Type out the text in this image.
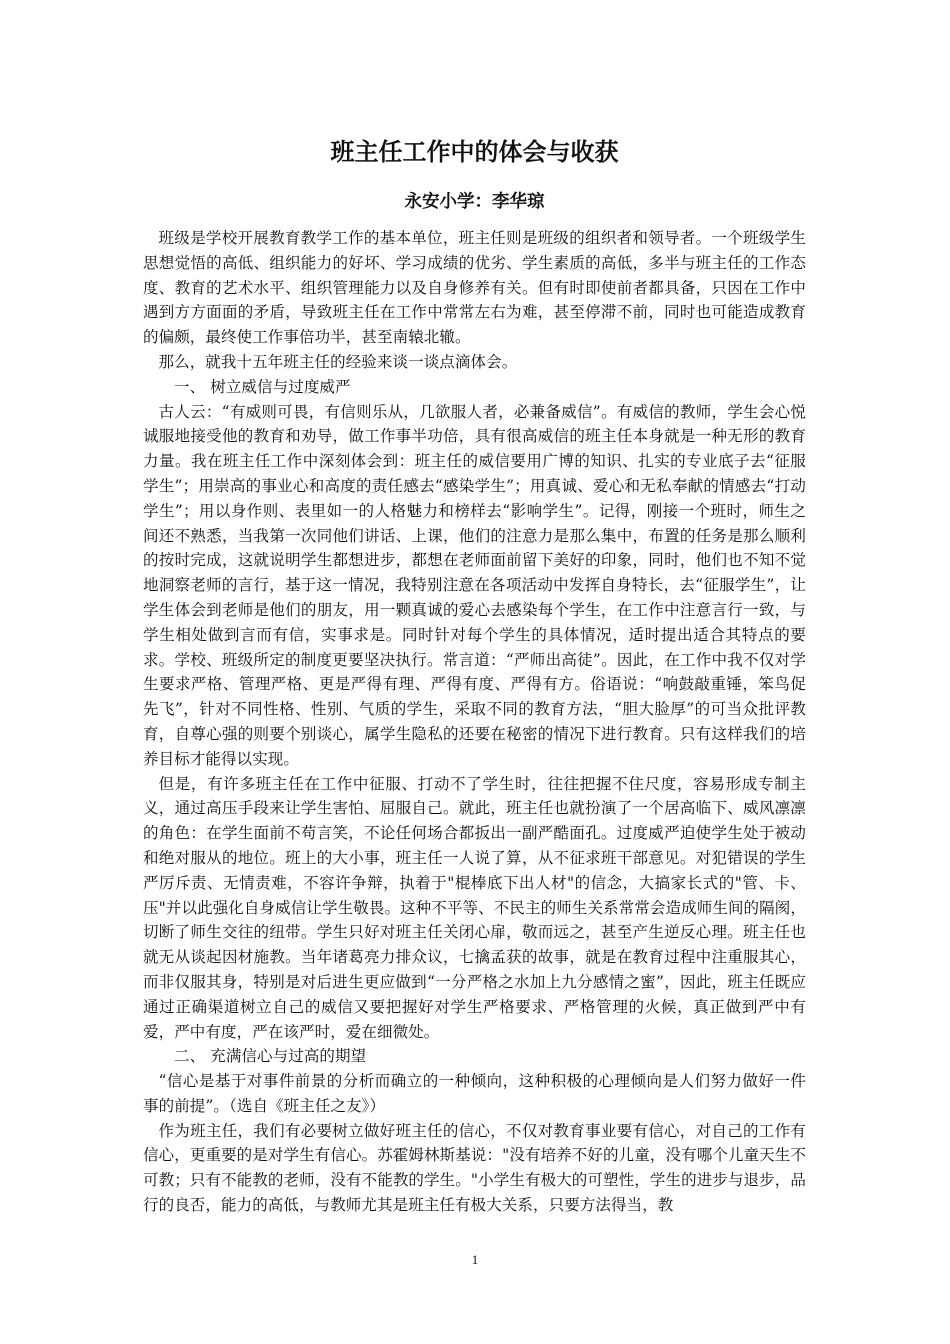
班主任工作中的体会与收获
永安小学：李华琼

班级是学校开展教育教学工作的基本单位，班主任则是班级的组织者和领导者。一个班级学生思想觉悟的高低、组织能力的好坏、学习成绩的优劣、学生素质的高低，多半与班主任的工作态度、教育的艺术水平、组织管理能力以及自身修养有关。但有时即使前者都具备，只因在工作中遇到方方面面的矛盾，导致班主任在工作中常常左右为难，甚至停滞不前，同时也可能造成教育的偏颇，最终使工作事倍功半，甚至南辕北辙。

那么，就我十五年班主任的经验来谈一谈点滴体会。

一、 树立威信与过度威严

古人云：“有威则可畏，有信则乐从，几欲服人者，必兼备威信”。有威信的教师，学生会心悦诚服地接受他的教育和劝导，做工作事半功倍，具有很高威信的班主任本身就是一种无形的教育力量。我在班主任工作中深刻体会到：班主任的威信要用广博的知识、扎实的专业底子去“征服学生”；用崇高的事业心和高度的责任感去“感染学生”；用真诚、爱心和无私奉献的情感去“打动学生”；用以身作则、表里如一的人格魅力和榜样去“影响学生”。记得，刚接一个班时，师生之间还不熟悉，当我第一次同他们讲话、上课，他们的注意力是那么集中，布置的任务是那么顺利的按时完成，这就说明学生都想进步，都想在老师面前留下美好的印象，同时，他们也不知不觉地洞察老师的言行，基于这一情况，我特别注意在各项活动中发挥自身特长，去“征服学生”，让学生体会到老师是他们的朋友，用一颗真诚的爱心去感染每个学生，在工作中注意言行一致，与学生相处做到言而有信，实事求是。同时针对每个学生的具体情况，适时提出适合其特点的要求。学校、班级所定的制度更要坚决执行。常言道：“严师出高徒”。因此，在工作中我不仅对学生要求严格、管理严格、更是严得有理、严得有度、严得有方。俗语说：“响鼓敲重锤，笨鸟促先飞”，针对不同性格、性别、气质的学生，采取不同的教育方法，“胆大脸厚”的可当众批评教育，自尊心强的则要个别谈心，属学生隐私的还要在秘密的情况下进行教育。只有这样我们的培养目标才能得以实现。

但是，有许多班主任在工作中征服、打动不了学生时，往往把握不住尺度，容易形成专制主义，通过高压手段来让学生害怕、屈服自己。就此，班主任也就扮演了一个居高临下、威风凛凛的角色：在学生面前不苟言笑，不论任何场合都扳出一副严酷面孔。过度威严迫使学生处于被动和绝对服从的地位。班上的大小事，班主任一人说了算，从不征求班干部意见。对犯错误的学生严厉斥责、无情责难，不容许争辩，执着于"棍棒底下出人材"的信念，大搞家长式的"管、卡、压"并以此强化自身威信让学生敬畏。这种不平等、不民主的师生关系常常会造成师生间的隔阂，切断了师生交往的纽带。学生只好对班主任关闭心扉，敬而远之，甚至产生逆反心理。班主任也就无从谈起因材施教。当年诸葛亮力排众议，七擒孟获的故事，就是在教育过程中注重服其心，而非仅服其身，特别是对后进生更应做到“一分严格之水加上九分感情之蜜”，因此，班主任既应通过正确渠道树立自己的威信又要把握好对学生严格要求、严格管理的火候，真正做到严中有爱，严中有度，严在该严时，爱在细微处。

二、 充满信心与过高的期望

“信心是基于对事件前景的分析而确立的一种倾向，这种积极的心理倾向是人们努力做好一件事的前提”。（选自《班主任之友》）

作为班主任，我们有必要树立做好班主任的信心，不仅对教育事业要有信心，对自己的工作有信心，更重要的是对学生有信心。苏霍姆林斯基说："没有培养不好的儿童，没有哪个儿童天生不可教；只有不能教的老师，没有不能教的学生。"小学生有极大的可塑性，学生的进步与退步，品行的良否，能力的高低，与教师尤其是班主任有极大关系，只要方法得当，教

1
